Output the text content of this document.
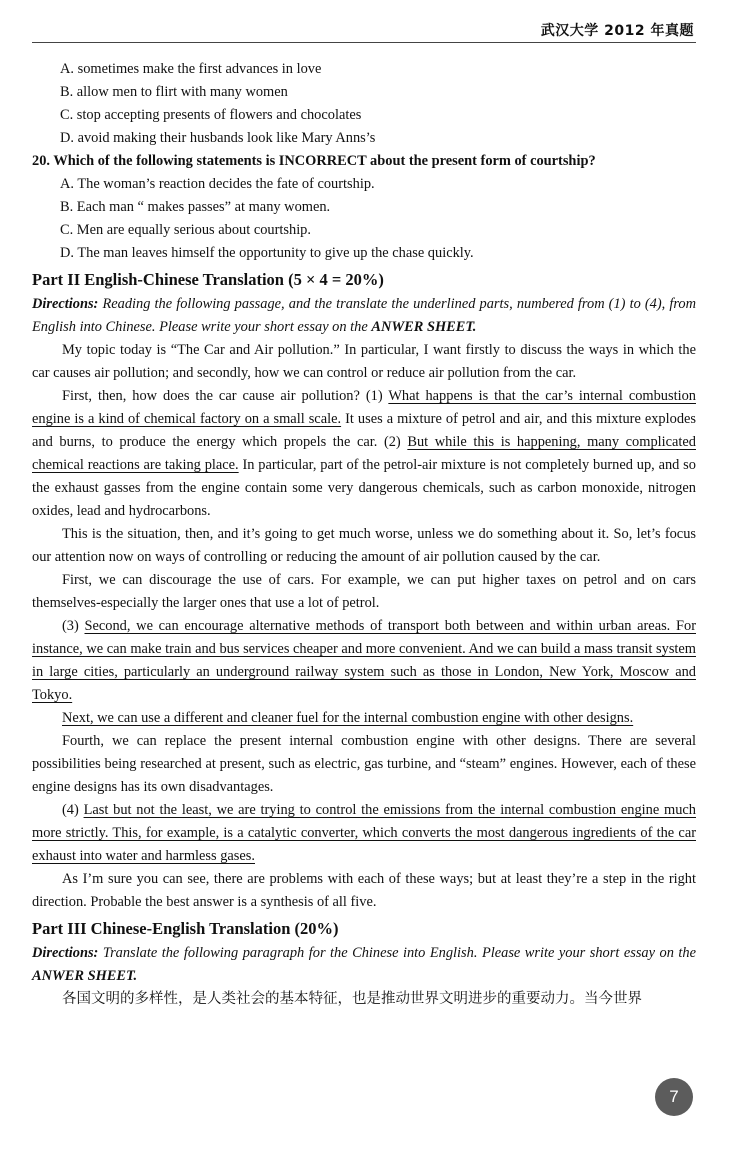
武汉大学 2012 年真题
A. sometimes make the first advances in love
B. allow men to flirt with many women
C. stop accepting presents of flowers and chocolates
D. avoid making their husbands look like Mary Anns’s
20. Which of the following statements is INCORRECT about the present form of courtship?
A. The woman’s reaction decides the fate of courtship.
B. Each man “ makes passes” at many women.
C. Men are equally serious about courtship.
D. The man leaves himself the opportunity to give up the chase quickly.
Part II English-Chinese Translation (5 × 4 = 20%)
Directions: Reading the following passage, and the translate the underlined parts, numbered from (1) to (4), from English into Chinese. Please write your short essay on the ANWER SHEET.

My topic today is “The Car and Air pollution.” In particular, I want firstly to discuss the ways in which the car causes air pollution; and secondly, how we can control or reduce air pollution from the car.

First, then, how does the car cause air pollution? (1) What happens is that the car’s internal combustion engine is a kind of chemical factory on a small scale. It uses a mixture of petrol and air, and this mixture explodes and burns, to produce the energy which propels the car. (2) But while this is happening, many complicated chemical reactions are taking place. In particular, part of the petrol-air mixture is not completely burned up, and so the exhaust gasses from the engine contain some very dangerous chemicals, such as carbon monoxide, nitrogen oxides, lead and hydrocarbons.

This is the situation, then, and it’s going to get much worse, unless we do something about it. So, let’s focus our attention now on ways of controlling or reducing the amount of air pollution caused by the car.

First, we can discourage the use of cars. For example, we can put higher taxes on petrol and on cars themselves-especially the larger ones that use a lot of petrol.

(3) Second, we can encourage alternative methods of transport both between and within urban areas. For instance, we can make train and bus services cheaper and more convenient. And we can build a mass transit system in large cities, particularly an underground railway system such as those in London, New York, Moscow and Tokyo.

Next, we can use a different and cleaner fuel for the internal combustion engine with other designs.

Fourth, we can replace the present internal combustion engine with other designs. There are several possibilities being researched at present, such as electric, gas turbine, and “steam” engines. However, each of these engine designs has its own disadvantages.

(4) Last but not the least, we are trying to control the emissions from the internal combustion engine much more strictly. This, for example, is a catalytic converter, which converts the most dangerous ingredients of the car exhaust into water and harmless gases.

As I’m sure you can see, there are problems with each of these ways; but at least they’re a step in the right direction. Probable the best answer is a synthesis of all five.

Part III Chinese-English Translation (20%)
Directions: Translate the following paragraph for the Chinese into English. Please write your short essay on the ANWER SHEET.

各国文明的多样性，是人类社会的基本特征，也是推动世界文明进步的重要动力。当今世界

7
